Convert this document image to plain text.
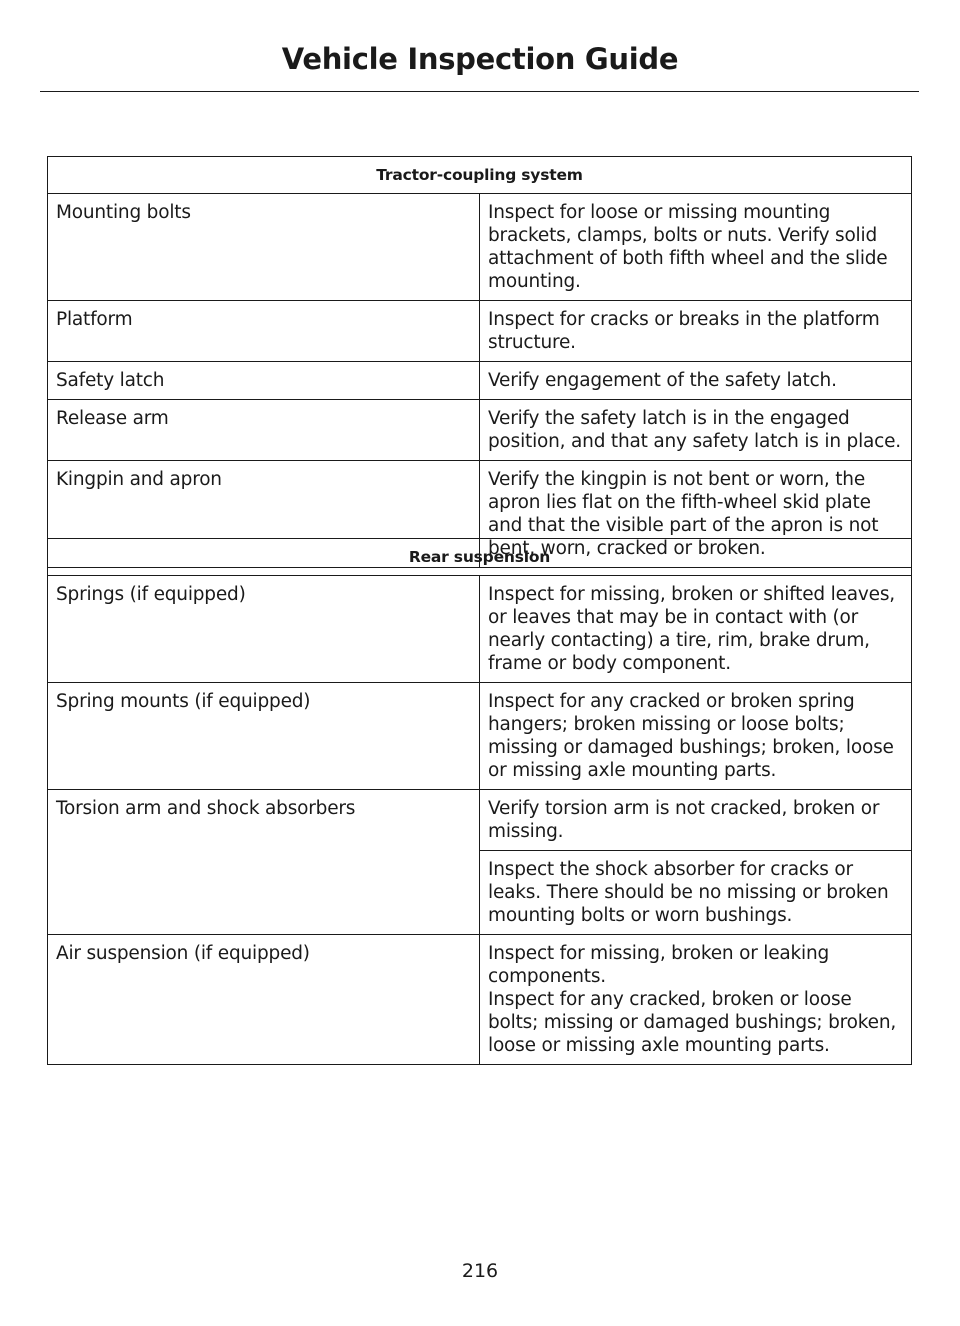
Vehicle Inspection Guide
Tractor-coupling system	
Mounting bolts	Inspect for loose or missing mounting brackets, clamps, bolts or nuts. Verify solid attachment of both fifth wheel and the slide mounting.
Platform	Inspect for cracks or breaks in the platform structure.
Safety latch	Verify engagement of the safety latch.
Release arm	Verify the safety latch is in the engaged position, and that any safety latch is in place.
Kingpin and apron	Verify the kingpin is not bent or worn, the apron lies flat on the fifth-wheel skid plate and that the visible part of the apron is not bent, worn, cracked or broken.
Rear suspension	
Springs (if equipped)	Inspect for missing, broken or shifted leaves, or leaves that may be in contact with (or nearly contacting) a tire, rim, brake drum, frame or body component.
Spring mounts (if equipped)	Inspect for any cracked or broken spring hangers; broken missing or loose bolts; missing or damaged bushings; broken, loose or missing axle mounting parts.
Torsion arm and shock absorbers	Verify torsion arm is not cracked, broken or missing.
	Inspect the shock absorber for cracks or leaks. There should be no missing or broken mounting bolts or worn bushings.
Air suspension (if equipped)	Inspect for missing, broken or leaking components.
Inspect for any cracked, broken or loose bolts; missing or damaged bushings; broken, loose or missing axle mounting parts.
216
